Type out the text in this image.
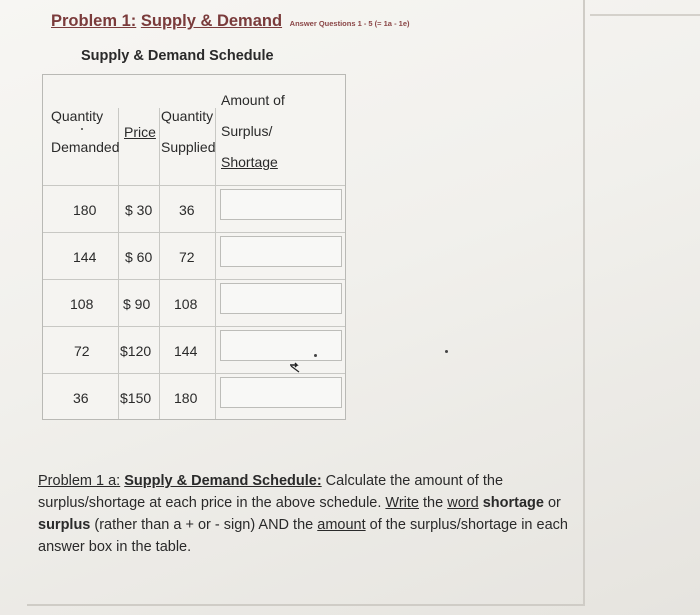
Problem 1: Supply & Demand Answer Questions 1 - 5 (= 1a - 1e)
Supply & Demand Schedule
Quantity
Demanded
Price
Quantity
Supplied
Amount of
Surplus/
Shortage
180 $ 30 36
144 $ 60 72
108 $ 90 108
72 $120 144
36 $150 180
Problem 1 a: Supply & Demand Schedule: Calculate the amount of the surplus/shortage at each price in the above schedule. Write the word shortage or surplus (rather than a + or - sign) AND the amount of the surplus/shortage in each answer box in the table.
